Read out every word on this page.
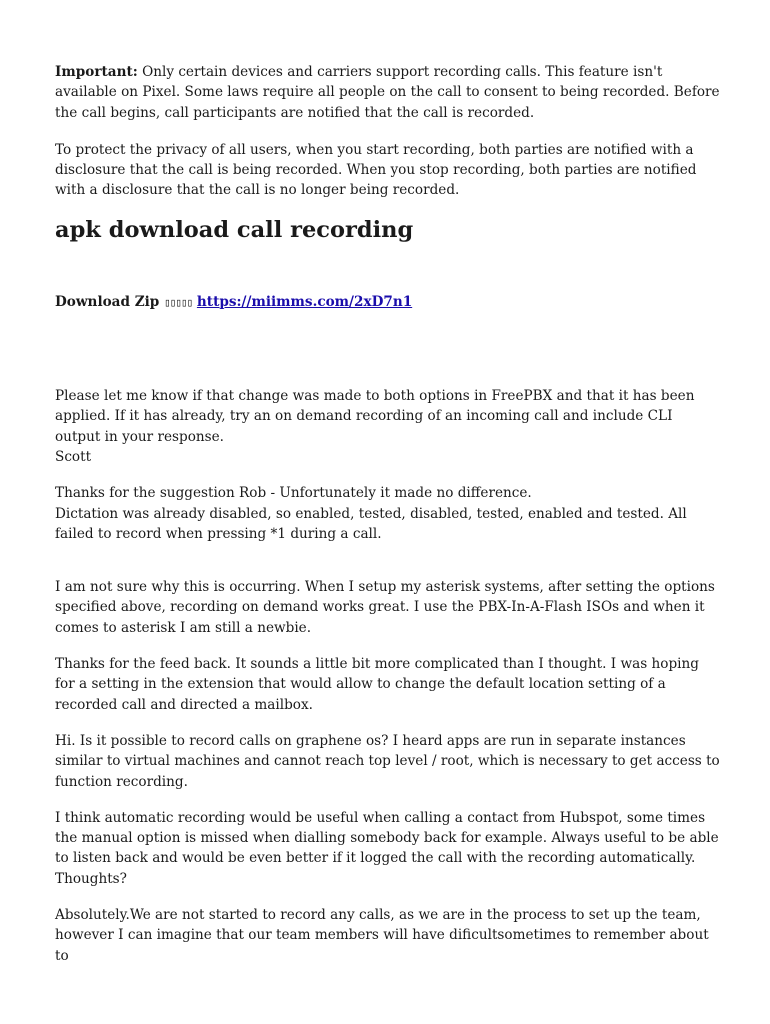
Important: Only certain devices and carriers support recording calls. This feature isn't available on Pixel. Some laws require all people on the call to consent to being recorded. Before the call begins, call participants are notified that the call is recorded.

To protect the privacy of all users, when you start recording, both parties are notified with a disclosure that the call is being recorded. When you stop recording, both parties are notified with a disclosure that the call is no longer being recorded.

apk download call recording

Download Zip ▯▯▯▯▯ https://miimms.com/2xD7n1

Please let me know if that change was made to both options in FreePBX and that it has been applied. If it has already, try an on demand recording of an incoming call and include CLI output in your response.

Scott

Thanks for the suggestion Rob - Unfortunately it made no difference.

Dictation was already disabled, so enabled, tested, disabled, tested, enabled and tested. All failed to record when pressing *1 during a call.

I am not sure why this is occurring. When I setup my asterisk systems, after setting the options specified above, recording on demand works great. I use the PBX-In-A-Flash ISOs and when it comes to asterisk I am still a newbie.

Thanks for the feed back. It sounds a little bit more complicated than I thought. I was hoping for a setting in the extension that would allow to change the default location setting of a recorded call and directed a mailbox.

Hi. Is it possible to record calls on graphene os? I heard apps are run in separate instances similar to virtual machines and cannot reach top level / root, which is necessary to get access to function recording.

I think automatic recording would be useful when calling a contact from Hubspot, some times the manual option is missed when dialling somebody back for example. Always useful to be able to listen back and would be even better if it logged the call with the recording automatically. Thoughts?

Absolutely.We are not started to record any calls, as we are in the process to set up the team, however I can imagine that our team members will have dificultsometimes to remember about to
